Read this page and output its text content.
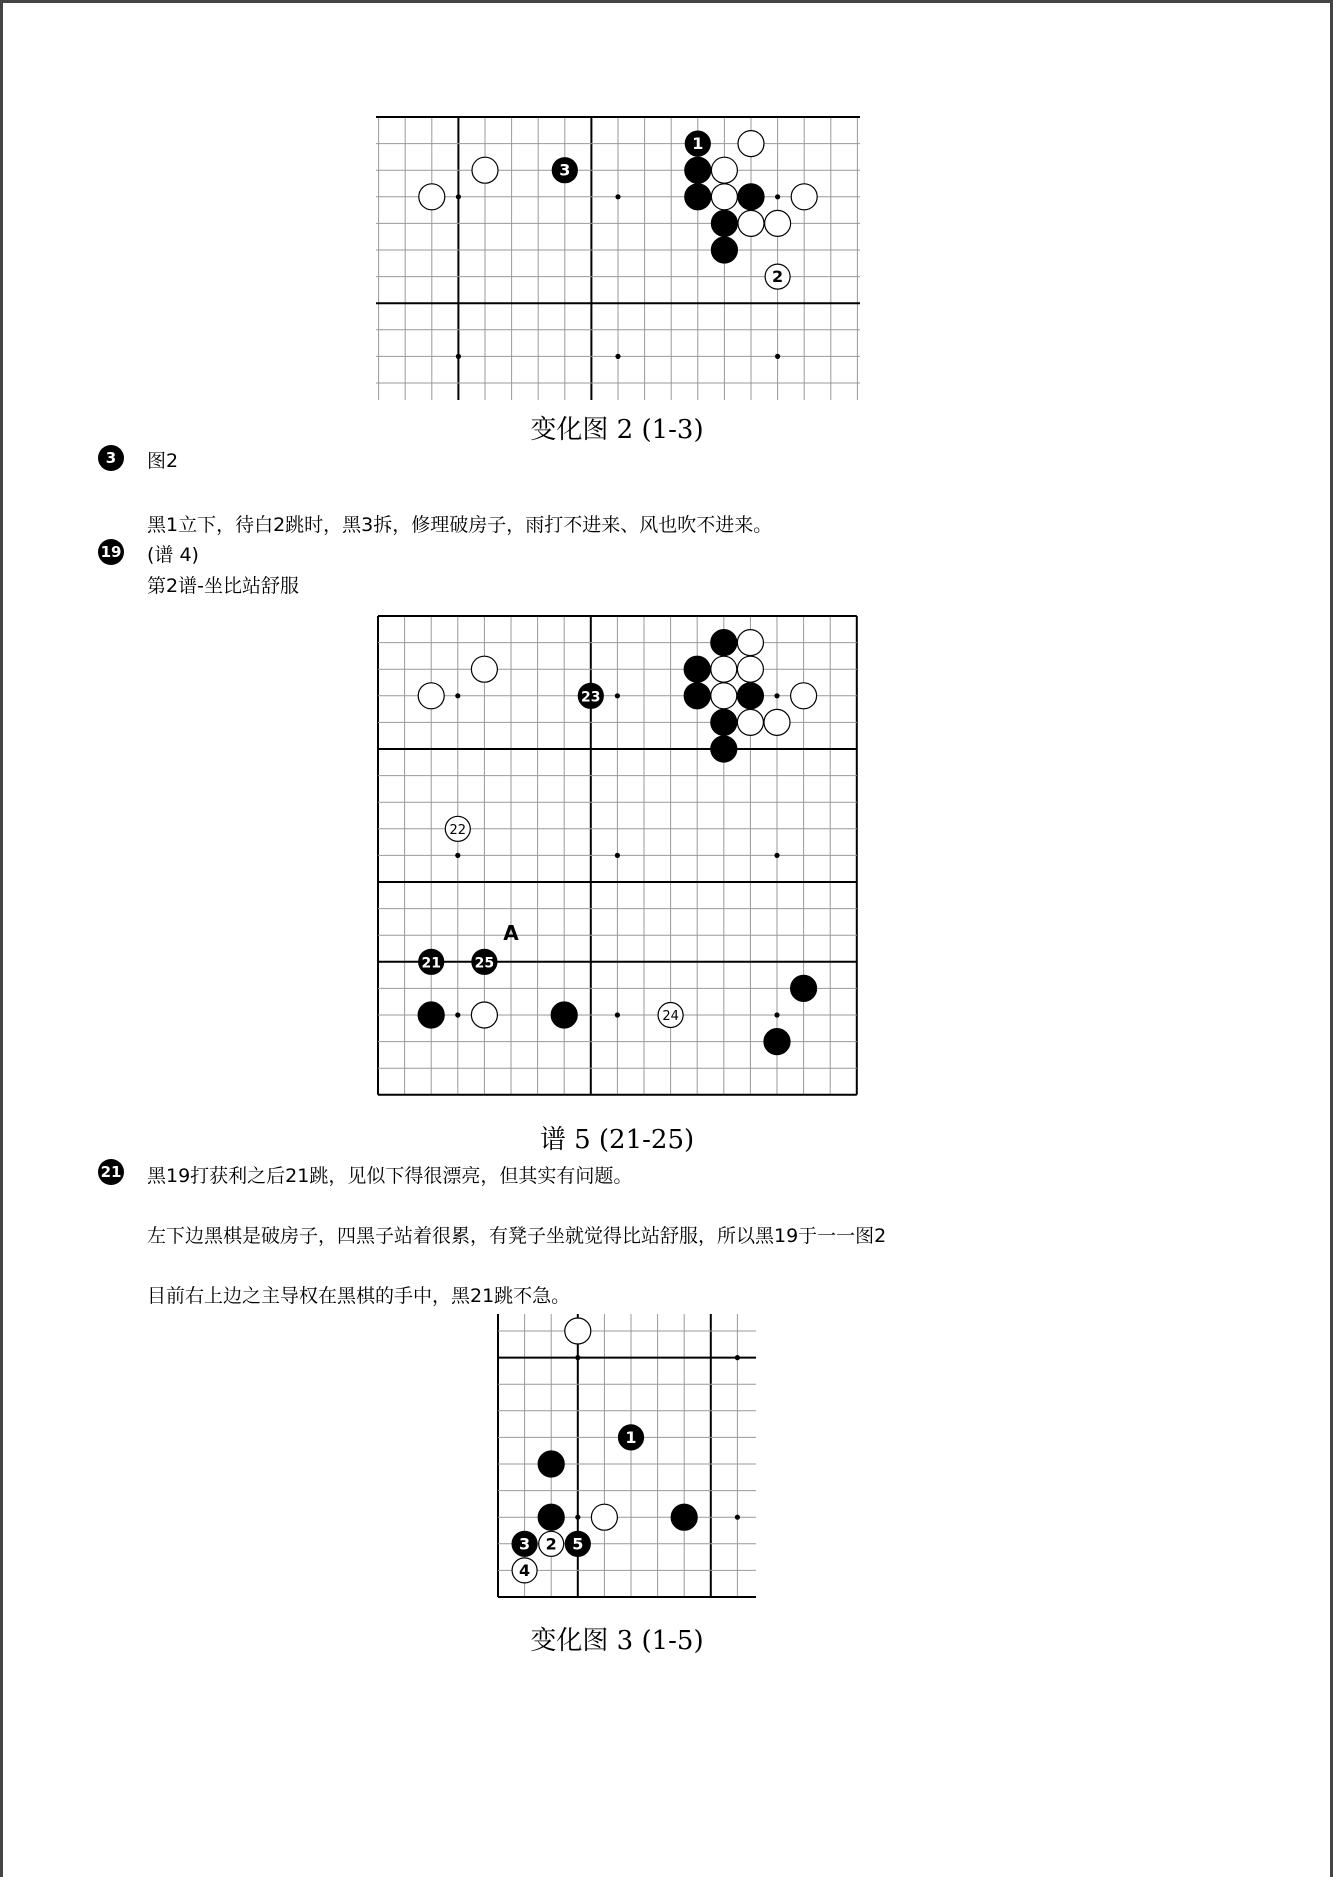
1
3
2
变化图 2 (1-3)
3	图2
黑1立下，待白2跳时，黑3拆，修理破房子，雨打不进来、风也吹不进来。
19 (谱 4)
第2谱-坐比站舒服
23
22
21 25
24
A
谱 5 (21-25)
21 黑19打获利之后21跳，见似下得很漂亮，但其实有问题。
左下边黑棋是破房子，四黑子站着很累，有凳子坐就觉得比站舒服，所以黑19于一一图2
目前右上边之主导权在黑棋的手中，黑21跳不急。
1
3 2 5
4
变化图 3 (1-5)
